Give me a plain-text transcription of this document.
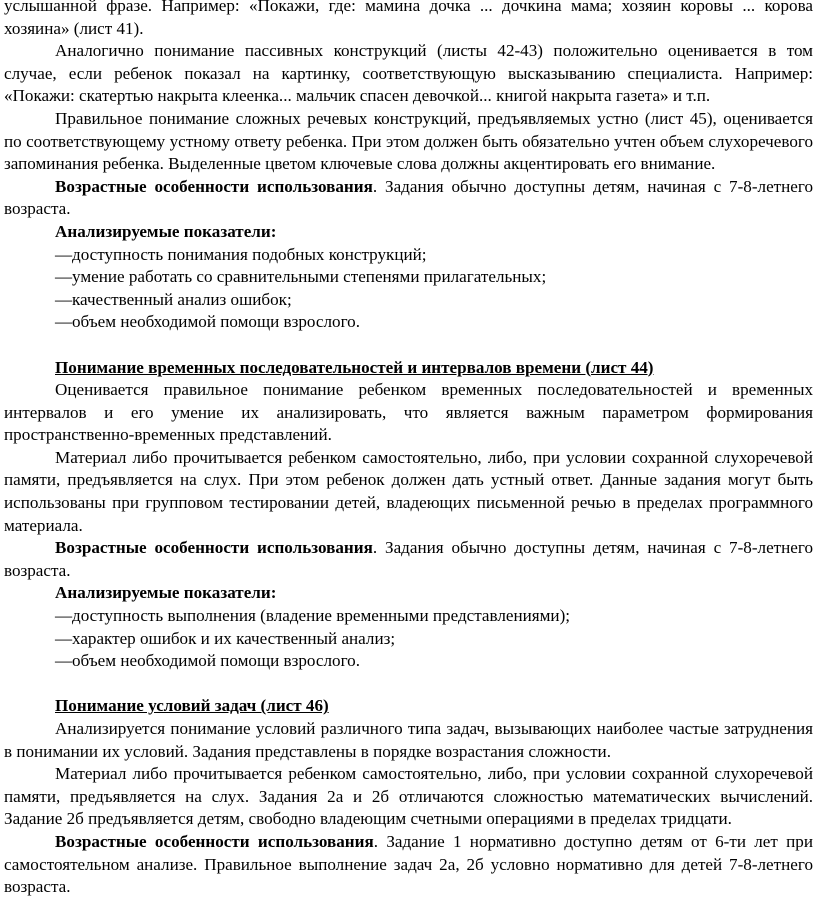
услышанной фразе. Например: «Покажи, где: мамина дочка ... дочкина мама; хозяин коровы ... корова хозяина» (лист 41).

Аналогично понимание пассивных конструкций (листы 42-43) положительно оценивается в том случае, если ребенок показал на картинку, соответствующую высказыванию специалиста. Например: «Покажи: скатертью накрыта клеенка... мальчик спасен девочкой... книгой накрыта газета» и т.п.

Правильное понимание сложных речевых конструкций, предъявляемых устно (лист 45), оценивается по соответствующему устному ответу ребенка. При этом должен быть обязательно учтен объем слухоречевого запоминания ребенка. Выделенные цветом ключевые слова должны акцентировать его внимание.

Возрастные особенности использования. Задания обычно доступны детям, начиная с 7-8-летнего возраста.

Анализируемые показатели:

—доступность понимания подобных конструкций;

—умение работать со сравнительными степенями прилагательных;

—качественный анализ ошибок;

—объем необходимой помощи взрослого.

Понимание временных последовательностей и интервалов времени (лист 44)

Оценивается правильное понимание ребенком временных последовательностей и временных интервалов и его умение их анализировать, что является важным параметром формирования пространственно-временных представлений.

Материал либо прочитывается ребенком самостоятельно, либо, при условии сохранной слухоречевой памяти, предъявляется на слух. При этом ребенок должен дать устный ответ. Данные задания могут быть использованы при групповом тестировании детей, владеющих письменной речью в пределах программного материала.

Возрастные особенности использования. Задания обычно доступны детям, начиная с 7-8-летнего возраста.

Анализируемые показатели:

—доступность выполнения (владение временными представлениями);

—характер ошибок и их качественный анализ;

—объем необходимой помощи взрослого.

Понимание условий задач (лист 46)

Анализируется понимание условий различного типа задач, вызывающих наиболее частые затруднения в понимании их условий. Задания представлены в порядке возрастания сложности.

Материал либо прочитывается ребенком самостоятельно, либо, при условии сохранной слухоречевой памяти, предъявляется на слух. Задания 2а и 2б отличаются сложностью математических вычислений. Задание 2б предъявляется детям, свободно владеющим счетными операциями в пределах тридцати.

Возрастные особенности использования. Задание 1 нормативно доступно детям от 6-ти лет при самостоятельном анализе. Правильное выполнение задач 2а, 2б условно нормативно для детей 7-8-летнего возраста.
